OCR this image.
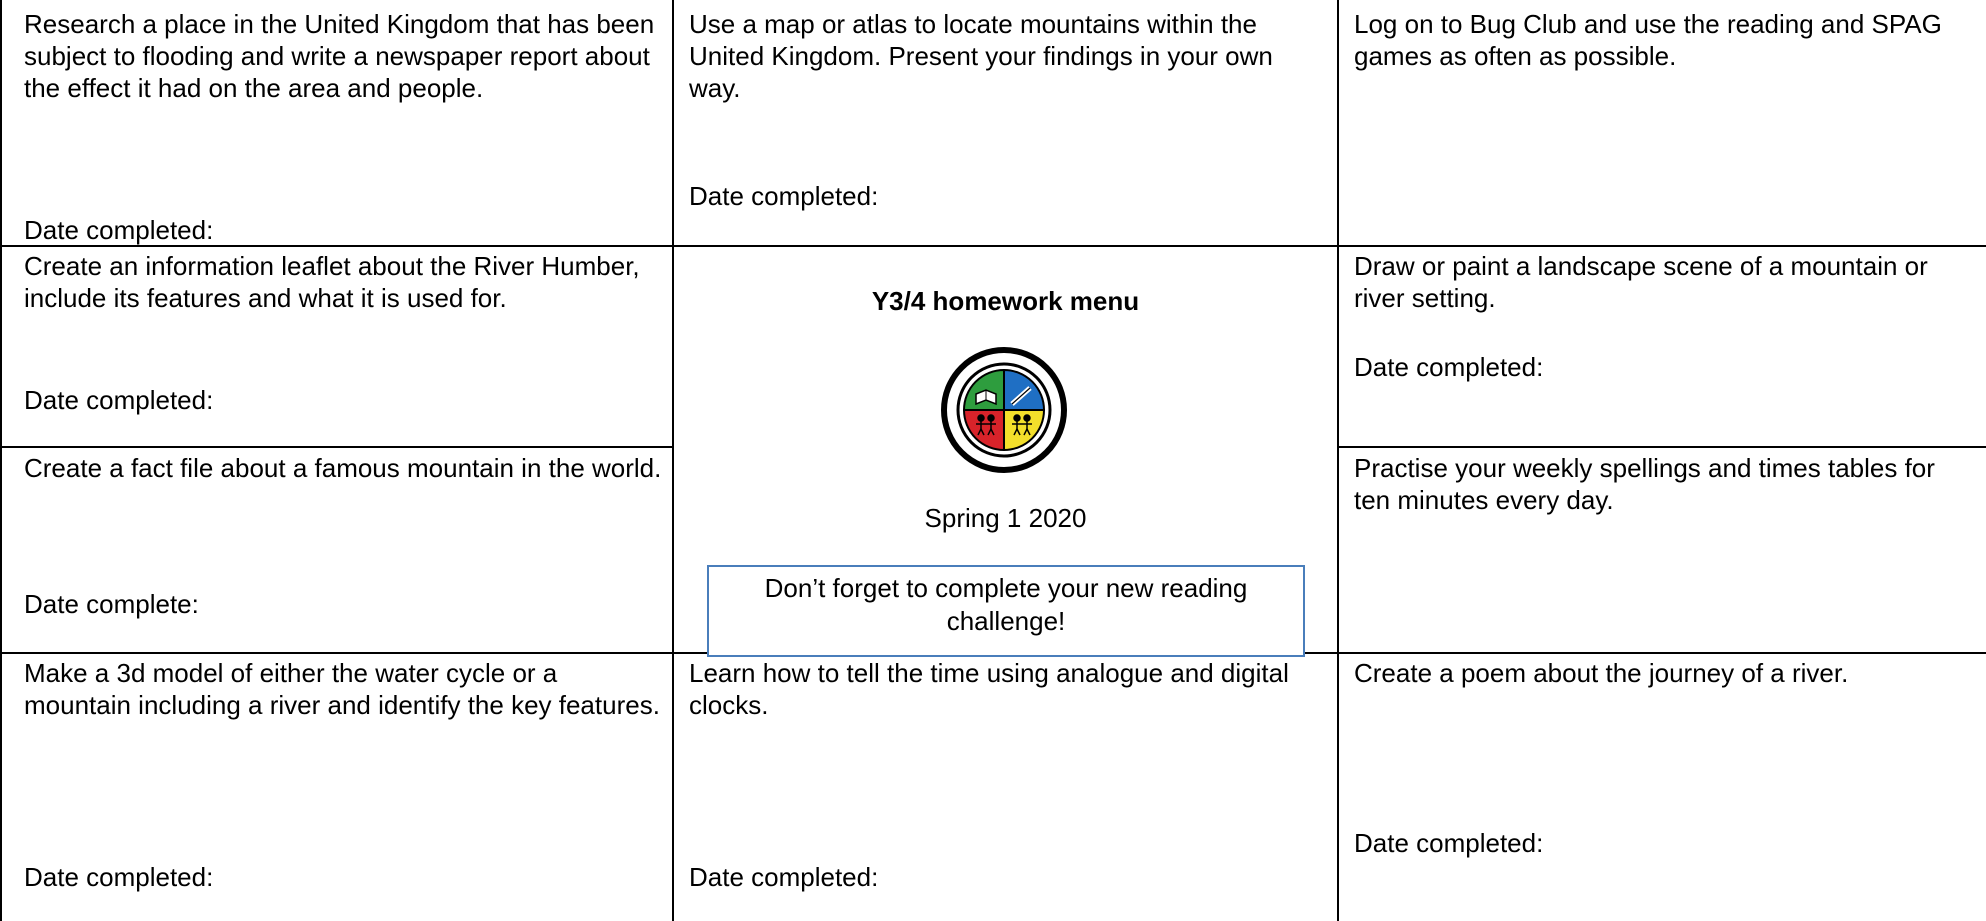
Research a place in the United Kingdom that has been subject to flooding and write a newspaper report about the effect it had on the area and people.
Date completed:
Use a map or atlas to locate mountains within the United Kingdom. Present your findings in your own way.
Date completed:
Log on to Bug Club and use the reading and SPAG games as often as possible.
Create an information leaflet about the River Humber, include its features and what it is used for.
Date completed:
Create a fact file about a famous mountain in the world.
Date complete:
Draw or paint a landscape scene of a mountain or river setting.
Date completed:
Practise your weekly spellings and times tables for ten minutes every day.
Y3/4 homework menu
Spring 1 2020
Don’t forget to complete your new reading challenge!
Make a 3d model of either the water cycle or a mountain including a river and identify the key features.
Date completed:
Learn how to tell the time using analogue and digital clocks.
Date completed:
Create a poem about the journey of a river.
Date completed:
